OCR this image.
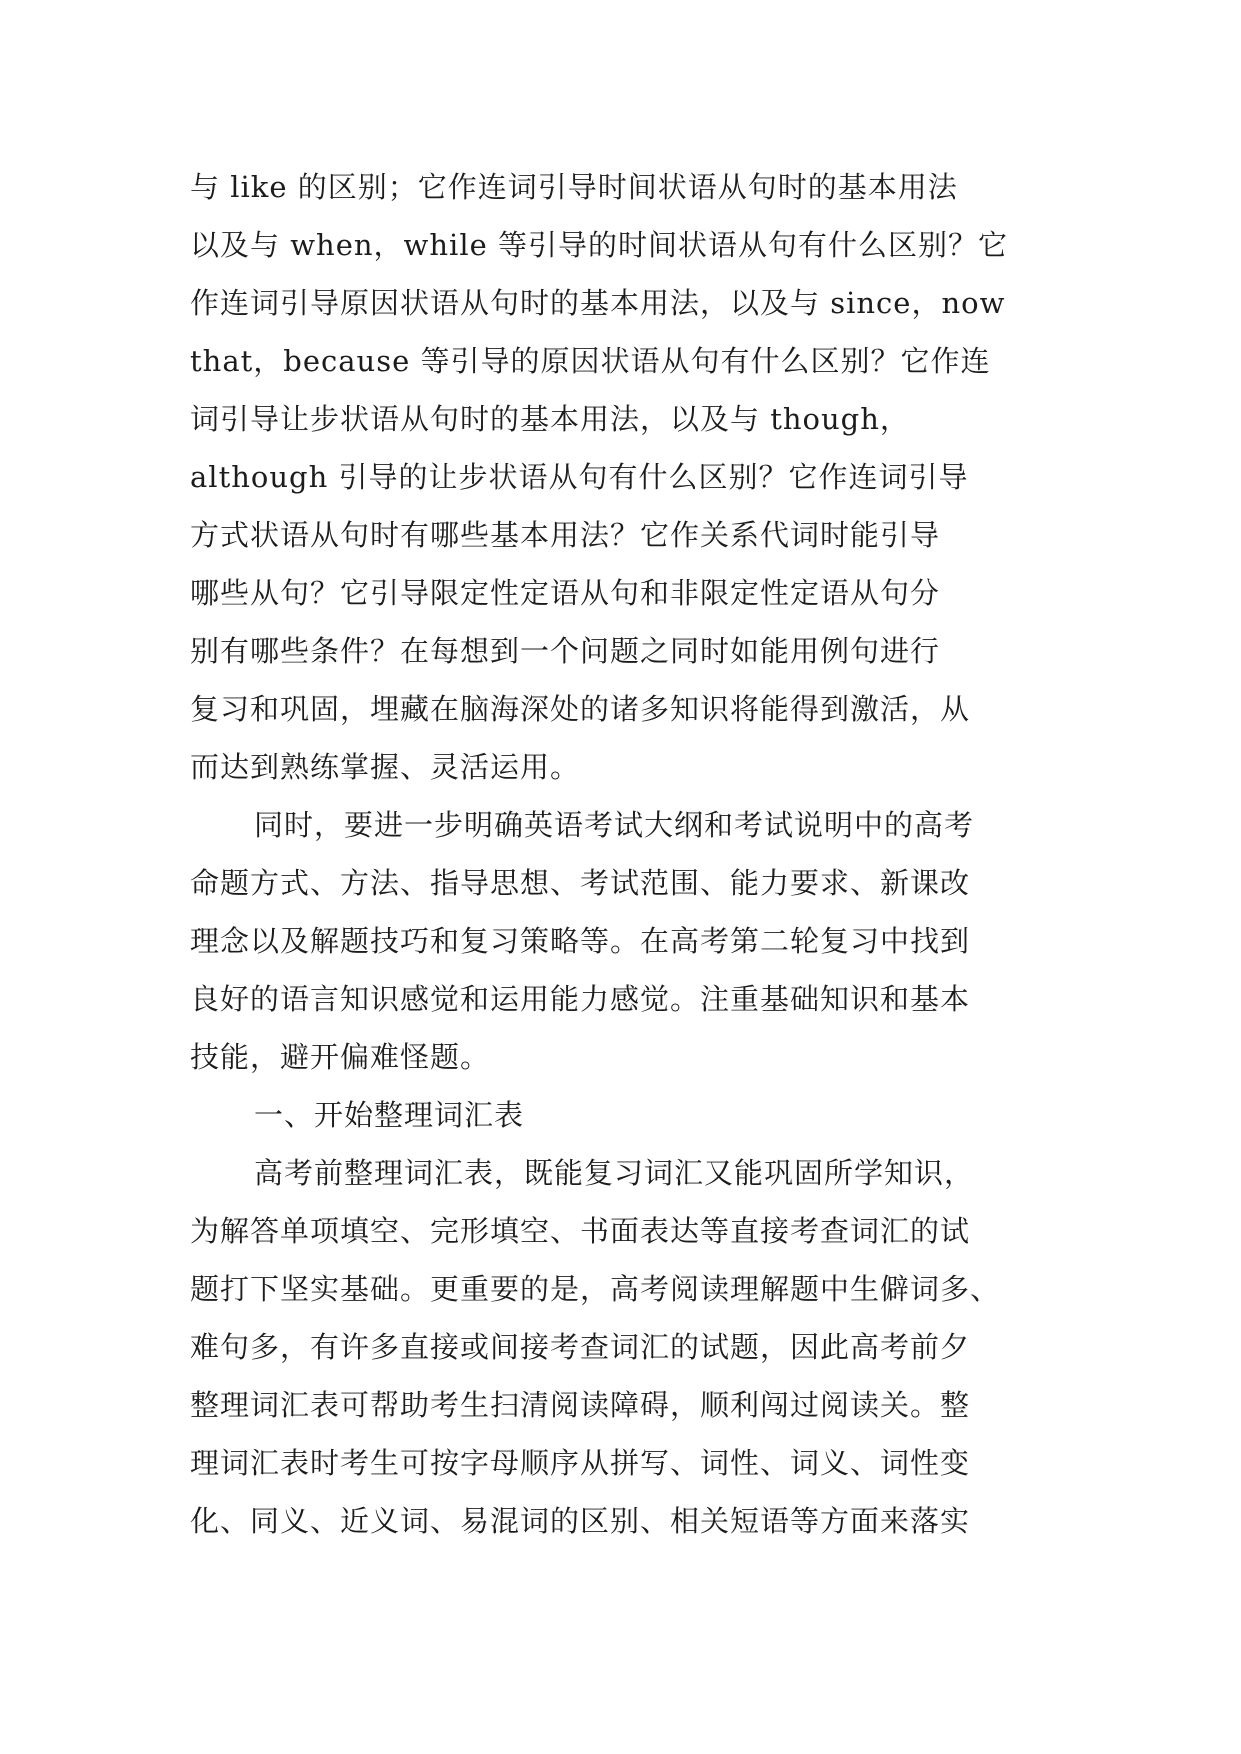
与 like 的区别；它作连词引导时间状语从句时的基本用法
以及与 when，while 等引导的时间状语从句有什么区别？它
作连词引导原因状语从句时的基本用法，以及与 since，now
that，because 等引导的原因状语从句有什么区别？它作连
词引导让步状语从句时的基本用法，以及与 though，
although 引导的让步状语从句有什么区别？它作连词引导
方式状语从句时有哪些基本用法？它作关系代词时能引导
哪些从句？它引导限定性定语从句和非限定性定语从句分
别有哪些条件？在每想到一个问题之同时如能用例句进行
复习和巩固，埋藏在脑海深处的诸多知识将能得到激活，从
而达到熟练掌握、灵活运用。

同时，要进一步明确英语考试大纲和考试说明中的高考
命题方式、方法、指导思想、考试范围、能力要求、新课改
理念以及解题技巧和复习策略等。在高考第二轮复习中找到
良好的语言知识感觉和运用能力感觉。注重基础知识和基本
技能，避开偏难怪题。

一、开始整理词汇表

高考前整理词汇表，既能复习词汇又能巩固所学知识，
为解答单项填空、完形填空、书面表达等直接考查词汇的试
题打下坚实基础。更重要的是，高考阅读理解题中生僻词多、
难句多，有许多直接或间接考查词汇的试题，因此高考前夕
整理词汇表可帮助考生扫清阅读障碍，顺利闯过阅读关。整
理词汇表时考生可按字母顺序从拼写、词性、词义、词性变
化、同义、近义词、易混词的区别、相关短语等方面来落实
